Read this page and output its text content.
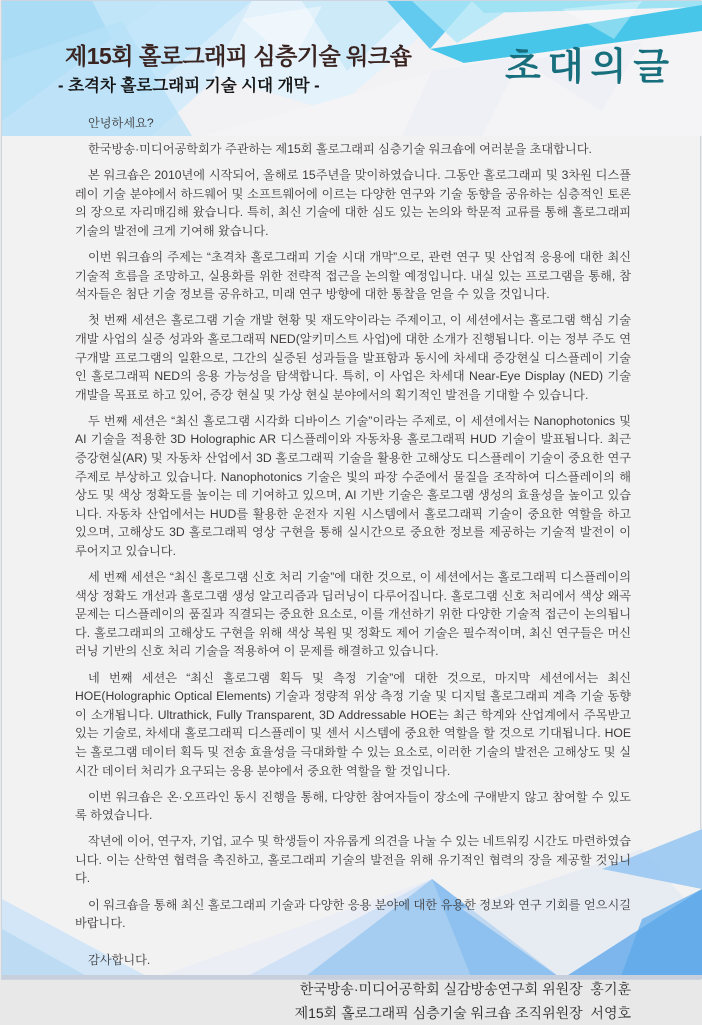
제15회 홀로그래피 심층기술 워크숍
- 초격차 홀로그래피 기술 시대 개막 -	초대의글

안녕하세요?

한국방송·미디어공학회가 주관하는 제15회 홀로그래피 심층기술 워크숍에 여러분을 초대합니다.

본 워크숍은 2010년에 시작되어, 올해로 15주년을 맞이하였습니다. 그동안 홀로그래피 및 3차원 디스플레이 기술 분야에서 하드웨어 및 소프트웨어에 이르는 다양한 연구와 기술 동향을 공유하는 심층적인 토론의 장으로 자리매김해 왔습니다. 특히, 최신 기술에 대한 심도 있는 논의와 학문적 교류를 통해 홀로그래피 기술의 발전에 크게 기여해 왔습니다.

이번 워크숍의 주제는 “초격차 홀로그래피 기술 시대 개막”으로, 관련 연구 및 산업적 응용에 대한 최신 기술적 흐름을 조망하고, 실용화를 위한 전략적 접근을 논의할 예정입니다. 내실 있는 프로그램을 통해, 참석자들은 첨단 기술 정보를 공유하고, 미래 연구 방향에 대한 통찰을 얻을 수 있을 것입니다.

첫 번째 세션은 홀로그램 기술 개발 현황 및 재도약이라는 주제이고, 이 세션에서는 홀로그램 핵심 기술 개발 사업의 실증 성과와 홀로그래픽 NED(알키미스트 사업)에 대한 소개가 진행됩니다. 이는 정부 주도 연구개발 프로그램의 일환으로, 그간의 실증된 성과들을 발표함과 동시에 차세대 증강현실 디스플레이 기술인 홀로그래픽 NED의 응용 가능성을 탐색합니다. 특히, 이 사업은 차세대 Near-Eye Display (NED) 기술 개발을 목표로 하고 있어, 증강 현실 및 가상 현실 분야에서의 획기적인 발전을 기대할 수 있습니다.

두 번째 세션은 “최신 홀로그램 시각화 디바이스 기술”이라는 주제로, 이 세션에서는 Nanophotonics 및 AI 기술을 적용한 3D Holographic AR 디스플레이와 자동차용 홀로그래픽 HUD 기술이 발표됩니다. 최근 증강현실(AR) 및 자동차 산업에서 3D 홀로그래픽 기술을 활용한 고해상도 디스플레이 기술이 중요한 연구 주제로 부상하고 있습니다. Nanophotonics 기술은 빛의 파장 수준에서 물질을 조작하여 디스플레이의 해상도 및 색상 정확도를 높이는 데 기여하고 있으며, AI 기반 기술은 홀로그램 생성의 효율성을 높이고 있습니다. 자동차 산업에서는 HUD를 활용한 운전자 지원 시스템에서 홀로그래픽 기술이 중요한 역할을 하고 있으며, 고해상도 3D 홀로그래픽 영상 구현을 통해 실시간으로 중요한 정보를 제공하는 기술적 발전이 이루어지고 있습니다.

세 번째 세션은 “최신 홀로그램 신호 처리 기술”에 대한 것으로, 이 세션에서는 홀로그래픽 디스플레이의 색상 정확도 개선과 홀로그램 생성 알고리즘과 딥러닝이 다루어집니다. 홀로그램 신호 처리에서 색상 왜곡 문제는 디스플레이의 품질과 직결되는 중요한 요소로, 이를 개선하기 위한 다양한 기술적 접근이 논의됩니다. 홀로그래피의 고해상도 구현을 위해 색상 복원 및 정확도 제어 기술은 필수적이며, 최신 연구들은 머신러닝 기반의 신호 처리 기술을 적용하여 이 문제를 해결하고 있습니다.

네 번째 세션은 “최신 홀로그램 획득 및 측정 기술”에 대한 것으로, 마지막 세션에서는 최신 HOE(Holographic Optical Elements) 기술과 정량적 위상 측정 기술 및 디지털 홀로그래피 계측 기술 동향이 소개됩니다. Ultrathick, Fully Transparent, 3D Addressable HOE는 최근 학계와 산업계에서 주목받고 있는 기술로, 차세대 홀로그래픽 디스플레이 및 센서 시스템에 중요한 역할을 할 것으로 기대됩니다. HOE는 홀로그램 데이터 획득 및 전송 효율성을 극대화할 수 있는 요소로, 이러한 기술의 발전은 고해상도 및 실시간 데이터 처리가 요구되는 응용 분야에서 중요한 역할을 할 것입니다.

이번 워크숍은 온·오프라인 동시 진행을 통해, 다양한 참여자들이 장소에 구애받지 않고 참여할 수 있도록 하였습니다.

작년에 이어, 연구자, 기업, 교수 및 학생들이 자유롭게 의견을 나눌 수 있는 네트워킹 시간도 마련하였습니다. 이는 산학연 협력을 촉진하고, 홀로그래피 기술의 발전을 위해 유기적인 협력의 장을 제공할 것입니다.

이 워크숍을 통해 최신 홀로그래피 기술과 다양한 응용 분야에 대한 유용한 정보와 연구 기회를 얻으시길 바랍니다.

감사합니다.

한국방송·미디어공학회 실감방송연구회 위원장  홍기훈
제15회 홀로그래픽 심층기술 워크숍 조직위원장  서영호
